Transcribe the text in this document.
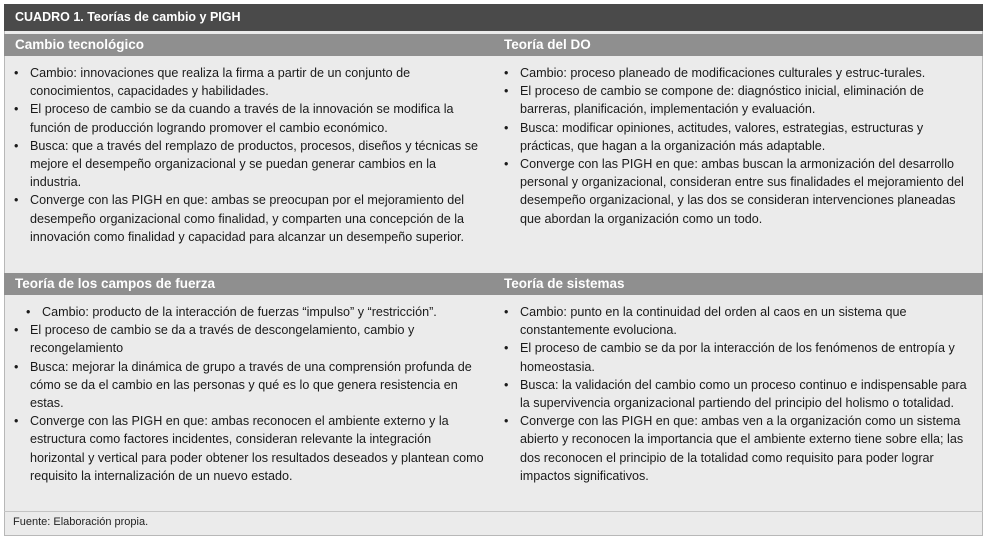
CUADRO 1. Teorías de cambio y PIGH
Cambio tecnológico	Teoría del DO
• Cambio: innovaciones que realiza la firma a partir de un conjunto de conocimientos, capacidades y habilidades.
• El proceso de cambio se da cuando a través de la innovación se modifica la función de producción logrando promover el cambio económico.
• Busca: que a través del remplazo de productos, procesos, diseños y técnicas se mejore el desempeño organizacional y se puedan generar cambios en la industria.
• Converge con las PIGH en que: ambas se preocupan por el mejoramiento del desempeño organizacional como finalidad, y comparten una concepción de la innovación como finalidad y capacidad para alcanzar un desempeño superior.
• Cambio: proceso planeado de modificaciones culturales y estruc-turales.
• El proceso de cambio se compone de: diagnóstico inicial, eliminación de barreras, planificación, implementación y evaluación.
• Busca: modificar opiniones, actitudes, valores, estrategias, estructuras y prácticas, que hagan a la organización más adaptable.
• Converge con las PIGH en que: ambas buscan la armonización del desarrollo personal y organizacional, consideran entre sus finalidades el mejoramiento del desempeño organizacional, y las dos se consideran intervenciones planeadas que abordan la organización como un todo.
Teoría de los campos de fuerza	Teoría de sistemas
• Cambio: producto de la interacción de fuerzas “impulso” y “restricción”.
• El proceso de cambio se da a través de descongelamiento, cambio y recongelamiento
• Busca: mejorar la dinámica de grupo a través de una comprensión profunda de cómo se da el cambio en las personas y qué es lo que genera resistencia en estas.
• Converge con las PIGH en que: ambas reconocen el ambiente externo y la estructura como factores incidentes, consideran relevante la integración horizontal y vertical para poder obtener los resultados deseados y plantean como requisito la internalización de un nuevo estado.
• Cambio: punto en la continuidad del orden al caos en un sistema que constantemente evoluciona.
• El proceso de cambio se da por la interacción de los fenómenos de entropía y homeostasia.
• Busca: la validación del cambio como un proceso continuo e indispensable para la supervivencia organizacional partiendo del principio del holismo o totalidad.
• Converge con las PIGH en que: ambas ven a la organización como un sistema abierto y reconocen la importancia que el ambiente externo tiene sobre ella; las dos reconocen el principio de la totalidad como requisito para poder lograr impactos significativos.
Fuente: Elaboración propia.
